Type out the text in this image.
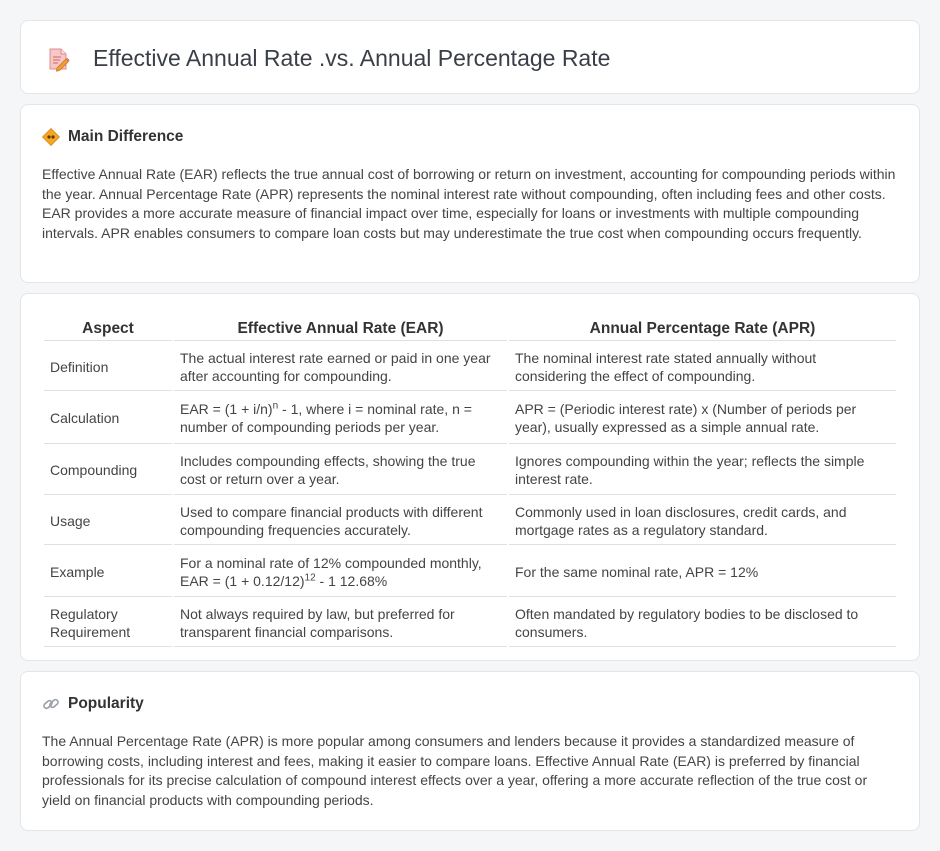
Effective Annual Rate .vs. Annual Percentage Rate
Main Difference

Effective Annual Rate (EAR) reflects the true annual cost of borrowing or return on investment, accounting for compounding periods within the year. Annual Percentage Rate (APR) represents the nominal interest rate without compounding, often including fees and other costs. EAR provides a more accurate measure of financial impact over time, especially for loans or investments with multiple compounding intervals. APR enables consumers to compare loan costs but may underestimate the true cost when compounding occurs frequently.

Aspect	Effective Annual Rate (EAR)	Annual Percentage Rate (APR)
Definition	The actual interest rate earned or paid in one year after accounting for compounding.	The nominal interest rate stated annually without considering the effect of compounding.
Calculation	EAR = $(1 + i/n)^n - 1$, where i = nominal rate, n = number of compounding periods per year.	APR = (Periodic interest rate) x (Number of periods per year), usually expressed as a simple annual rate.
Compounding	Includes compounding effects, showing the true cost or return over a year.	Ignores compounding within the year; reflects the simple interest rate.
Usage	Used to compare financial products with different compounding frequencies accurately.	Commonly used in loan disclosures, credit cards, and mortgage rates as a regulatory standard.
Example	For a nominal rate of 12% compounded monthly, EAR = $(1 + 0.12/12)^{12} - 1$ 12.68%	For the same nominal rate, APR = 12%
Regulatory Requirement	Not always required by law, but preferred for transparent financial comparisons.	Often mandated by regulatory bodies to be disclosed to consumers.
Popularity

The Annual Percentage Rate (APR) is more popular among consumers and lenders because it provides a standardized measure of borrowing costs, including interest and fees, making it easier to compare loans. Effective Annual Rate (EAR) is preferred by financial professionals for its precise calculation of compound interest effects over a year, offering a more accurate reflection of the true cost or yield on financial products with compounding periods.
